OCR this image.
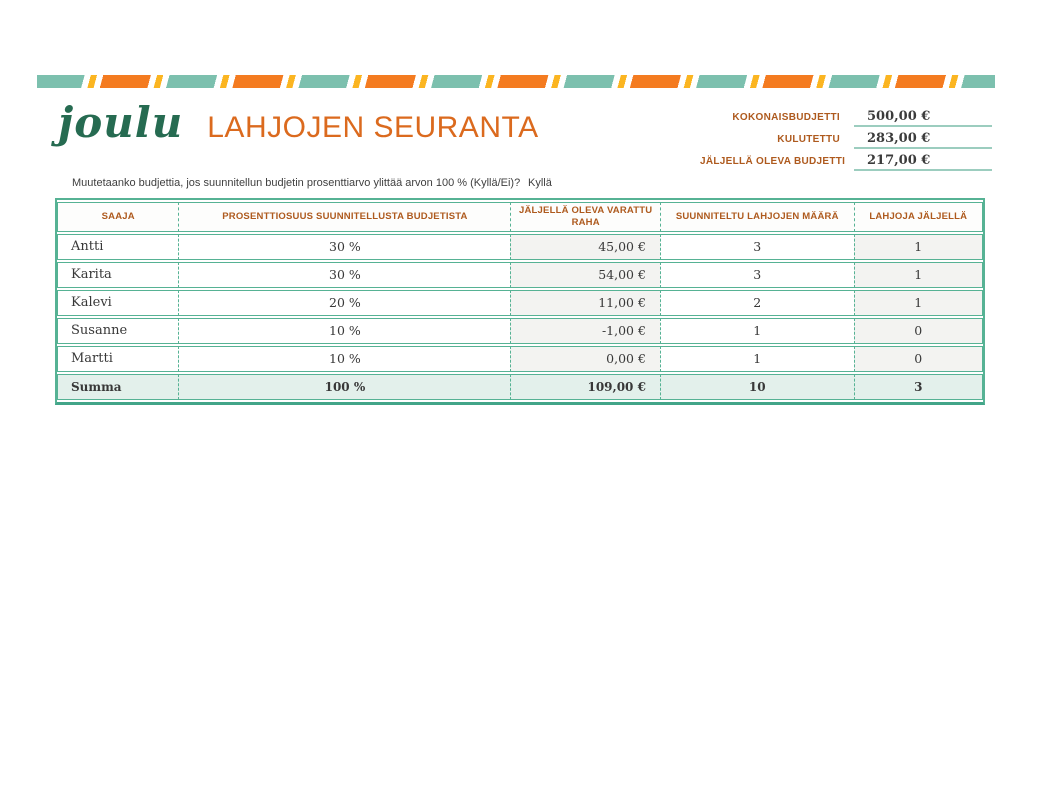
joulu LAHJOJEN SEURANTA	KOKONAISBUDJETTI	500,00 €
KULUTETTU	283,00 €
JÄLJELLÄ OLEVA BUDJETTI	217,00 €
Muutetaanko budjettia, jos suunnitellun budjetin prosenttiarvo ylittää arvon 100 % (Kyllä/Ei)? Kyllä
SAAJA	PROSENTTIOSUUS SUUNNITELLUSTA BUDJETISTA	JÄLJELLÄ OLEVA VARATTU RAHA	SUUNNITELTU LAHJOJEN MÄÄRÄ	LAHJOJA JÄLJELLÄ
Antti	30 %	45,00 €	3	1
Karita	30 %	54,00 €	3	1
Kalevi	20 %	11,00 €	2	1
Susanne	10 %	-1,00 €	1	0
Martti	10 %	0,00 €	1	0
Summa	100 %	109,00 €	10	3
